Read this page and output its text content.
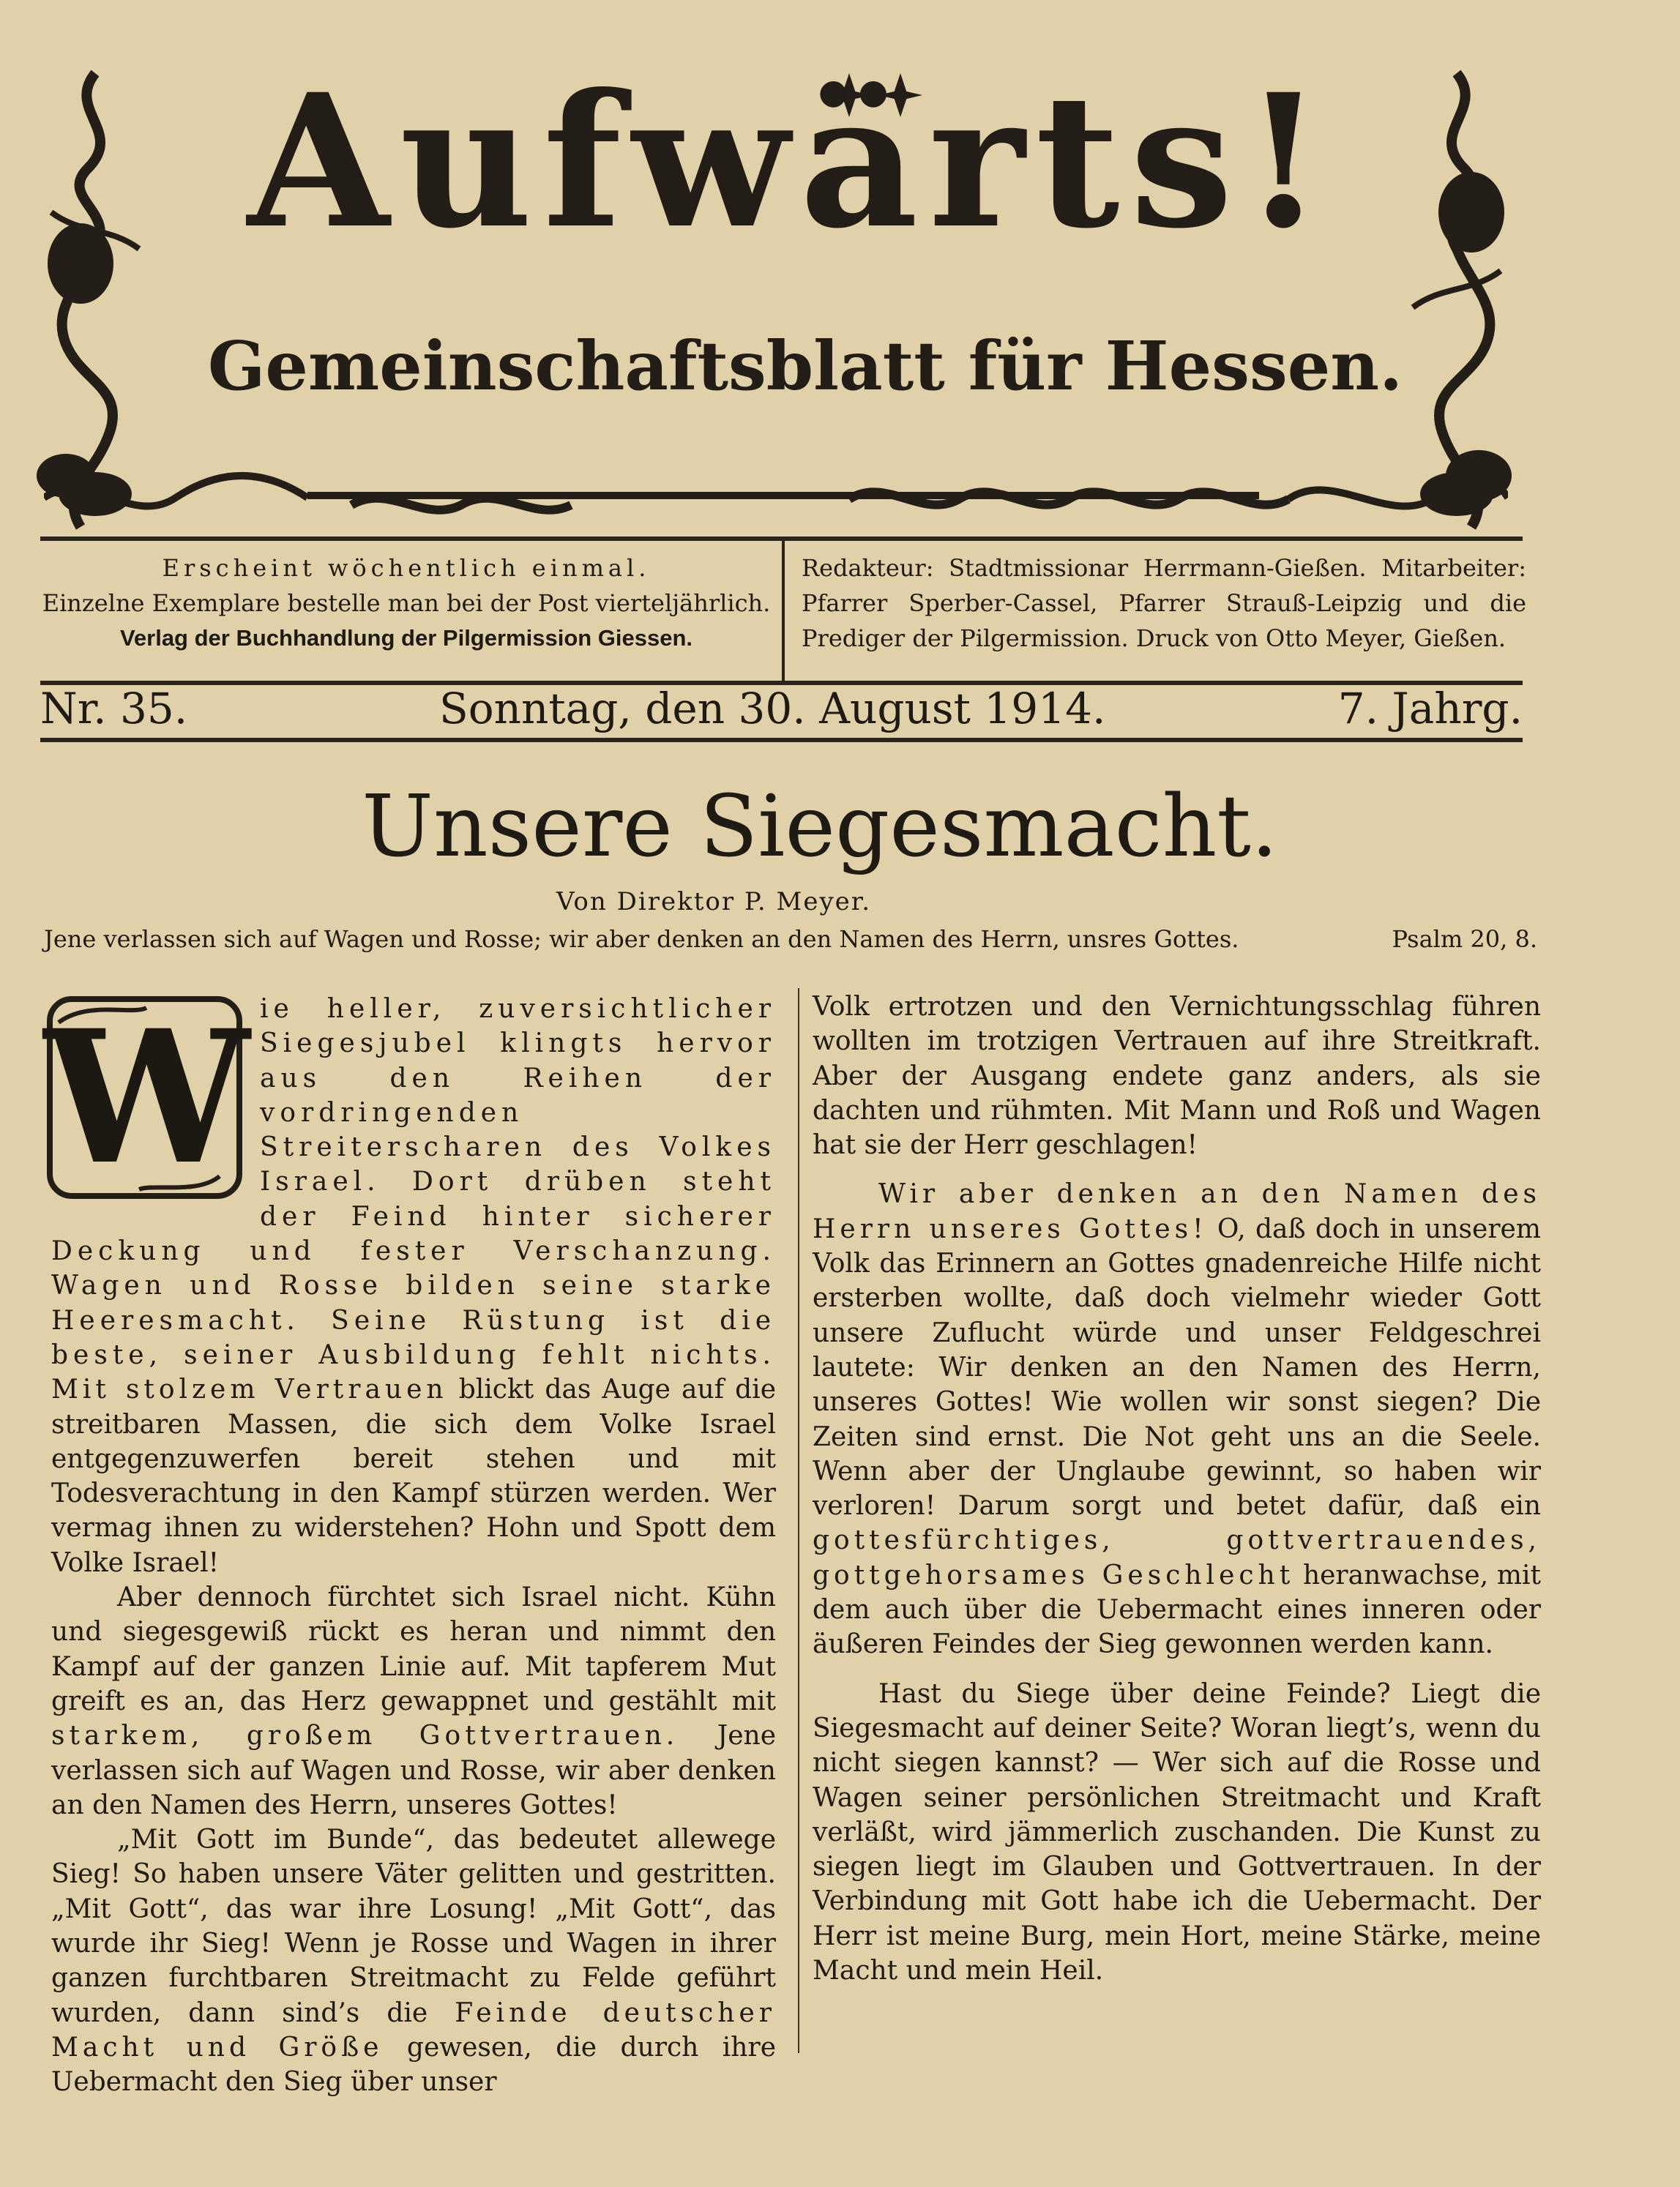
Aufwärts!
Gemeinschaftsblatt für Hessen.

Erscheint wöchentlich einmal.

Einzelne Exemplare bestelle man bei der Post vierteljährlich.

Verlag der Buchhandlung der Pilgermission Giessen.

Redakteur: Stadtmissionar Herrmann-Gießen. Mitarbeiter: Pfarrer Sperber-Cassel, Pfarrer Strauß-Leipzig und die Prediger der Pilgermission. Druck von Otto Meyer, Gießen.

Nr. 35.	Sonntag, den 30. August 1914.	7. Jahrg.
Unsere Siegesmacht.

Von Direktor P. Meyer.

Jene verlassen sich auf Wagen und Rosse; wir aber denken an den Namen des Herrn, unsres Gottes.	Psalm 20, 8.

W ie heller, zuversichtlicher Siegesjubel klingts hervor aus den Reihen der vordringenden Streiterscharen des Volkes Israel. Dort drüben steht der Feind hinter sicherer Deckung und fester Verschanzung. Wagen und Rosse bilden seine starke Heeresmacht. Seine Rüstung ist die beste, seiner Ausbildung fehlt nichts. Mit stolzem Vertrauen blickt das Auge auf die streitbaren Massen, die sich dem Volke Israel entgegenzuwerfen bereit stehen und mit Todesverachtung in den Kampf stürzen werden. Wer vermag ihnen zu widerstehen? Hohn und Spott dem Volke Israel!

Aber dennoch fürchtet sich Israel nicht. Kühn und siegesgewiß rückt es heran und nimmt den Kampf auf der ganzen Linie auf. Mit tapferem Mut greift es an, das Herz gewappnet und gestählt mit starkem, großem Gottvertrauen. Jene verlassen sich auf Wagen und Rosse, wir aber denken an den Namen des Herrn, unseres Gottes!

„Mit Gott im Bunde“, das bedeutet allewege Sieg! So haben unsere Väter gelitten und gestritten. „Mit Gott“, das war ihre Losung! „Mit Gott“, das wurde ihr Sieg! Wenn je Rosse und Wagen in ihrer ganzen furchtbaren Streitmacht zu Felde geführt wurden, dann sind’s die Feinde deutscher Macht und Größe gewesen, die durch ihre Uebermacht den Sieg über unser

Volk ertrotzen und den Vernichtungsschlag führen wollten im trotzigen Vertrauen auf ihre Streitkraft. Aber der Ausgang endete ganz anders, als sie dachten und rühmten. Mit Mann und Roß und Wagen hat sie der Herr geschlagen!

Wir aber denken an den Namen des Herrn unseres Gottes! O, daß doch in unserem Volk das Erinnern an Gottes gnadenreiche Hilfe nicht ersterben wollte, daß doch vielmehr wieder Gott unsere Zuflucht würde und unser Feldgeschrei lautete: Wir denken an den Namen des Herrn, unseres Gottes! Wie wollen wir sonst siegen? Die Zeiten sind ernst. Die Not geht uns an die Seele. Wenn aber der Unglaube gewinnt, so haben wir verloren! Darum sorgt und betet dafür, daß ein gottesfürchtiges, gottvertrauendes, gottgehorsames Geschlecht heranwachse, mit dem auch über die Uebermacht eines inneren oder äußeren Feindes der Sieg gewonnen werden kann.

Hast du Siege über deine Feinde? Liegt die Siegesmacht auf deiner Seite? Woran liegt’s, wenn du nicht siegen kannst? — Wer sich auf die Rosse und Wagen seiner persönlichen Streitmacht und Kraft verläßt, wird jämmerlich zuschanden. Die Kunst zu siegen liegt im Glauben und Gottvertrauen. In der Verbindung mit Gott habe ich die Uebermacht. Der Herr ist meine Burg, mein Hort, meine Stärke, meine Macht und mein Heil.
